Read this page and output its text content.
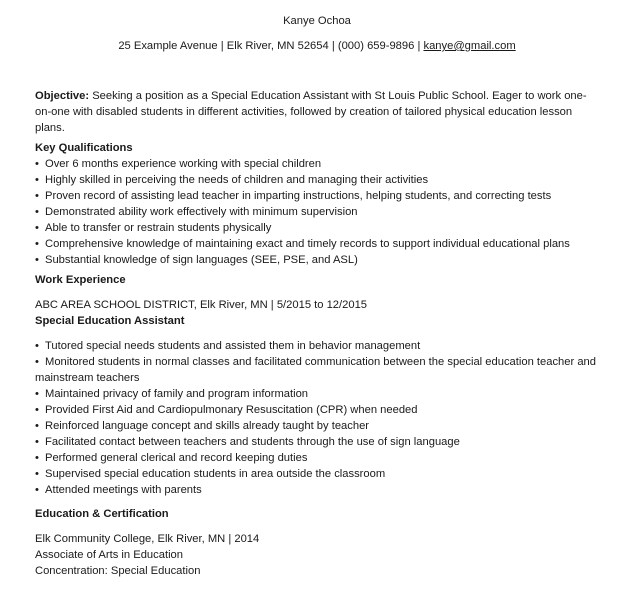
Kanye Ochoa
25 Example Avenue | Elk River, MN 52654 | (000) 659-9896 | kanye@gmail.com

Objective: Seeking a position as a Special Education Assistant with St Louis Public School. Eager to work one-on-one with disabled students in different activities, followed by creation of tailored physical education lesson plans.

Key Qualifications
• Over 6 months experience working with special children
• Highly skilled in perceiving the needs of children and managing their activities
• Proven record of assisting lead teacher in imparting instructions, helping students, and correcting tests
• Demonstrated ability work effectively with minimum supervision
• Able to transfer or restrain students physically
• Comprehensive knowledge of maintaining exact and timely records to support individual educational plans
• Substantial knowledge of sign languages (SEE, PSE, and ASL)
Work Experience
ABC AREA SCHOOL DISTRICT, Elk River, MN | 5/2015 to 12/2015
Special Education Assistant
• Tutored special needs students and assisted them in behavior management
• Monitored students in normal classes and facilitated communication between the special education teacher and mainstream teachers
• Maintained privacy of family and program information
• Provided First Aid and Cardiopulmonary Resuscitation (CPR) when needed
• Reinforced language concept and skills already taught by teacher
• Facilitated contact between teachers and students through the use of sign language
• Performed general clerical and record keeping duties
• Supervised special education students in area outside the classroom
• Attended meetings with parents
Education & Certification
Elk Community College, Elk River, MN | 2014
Associate of Arts in Education
Concentration: Special Education
